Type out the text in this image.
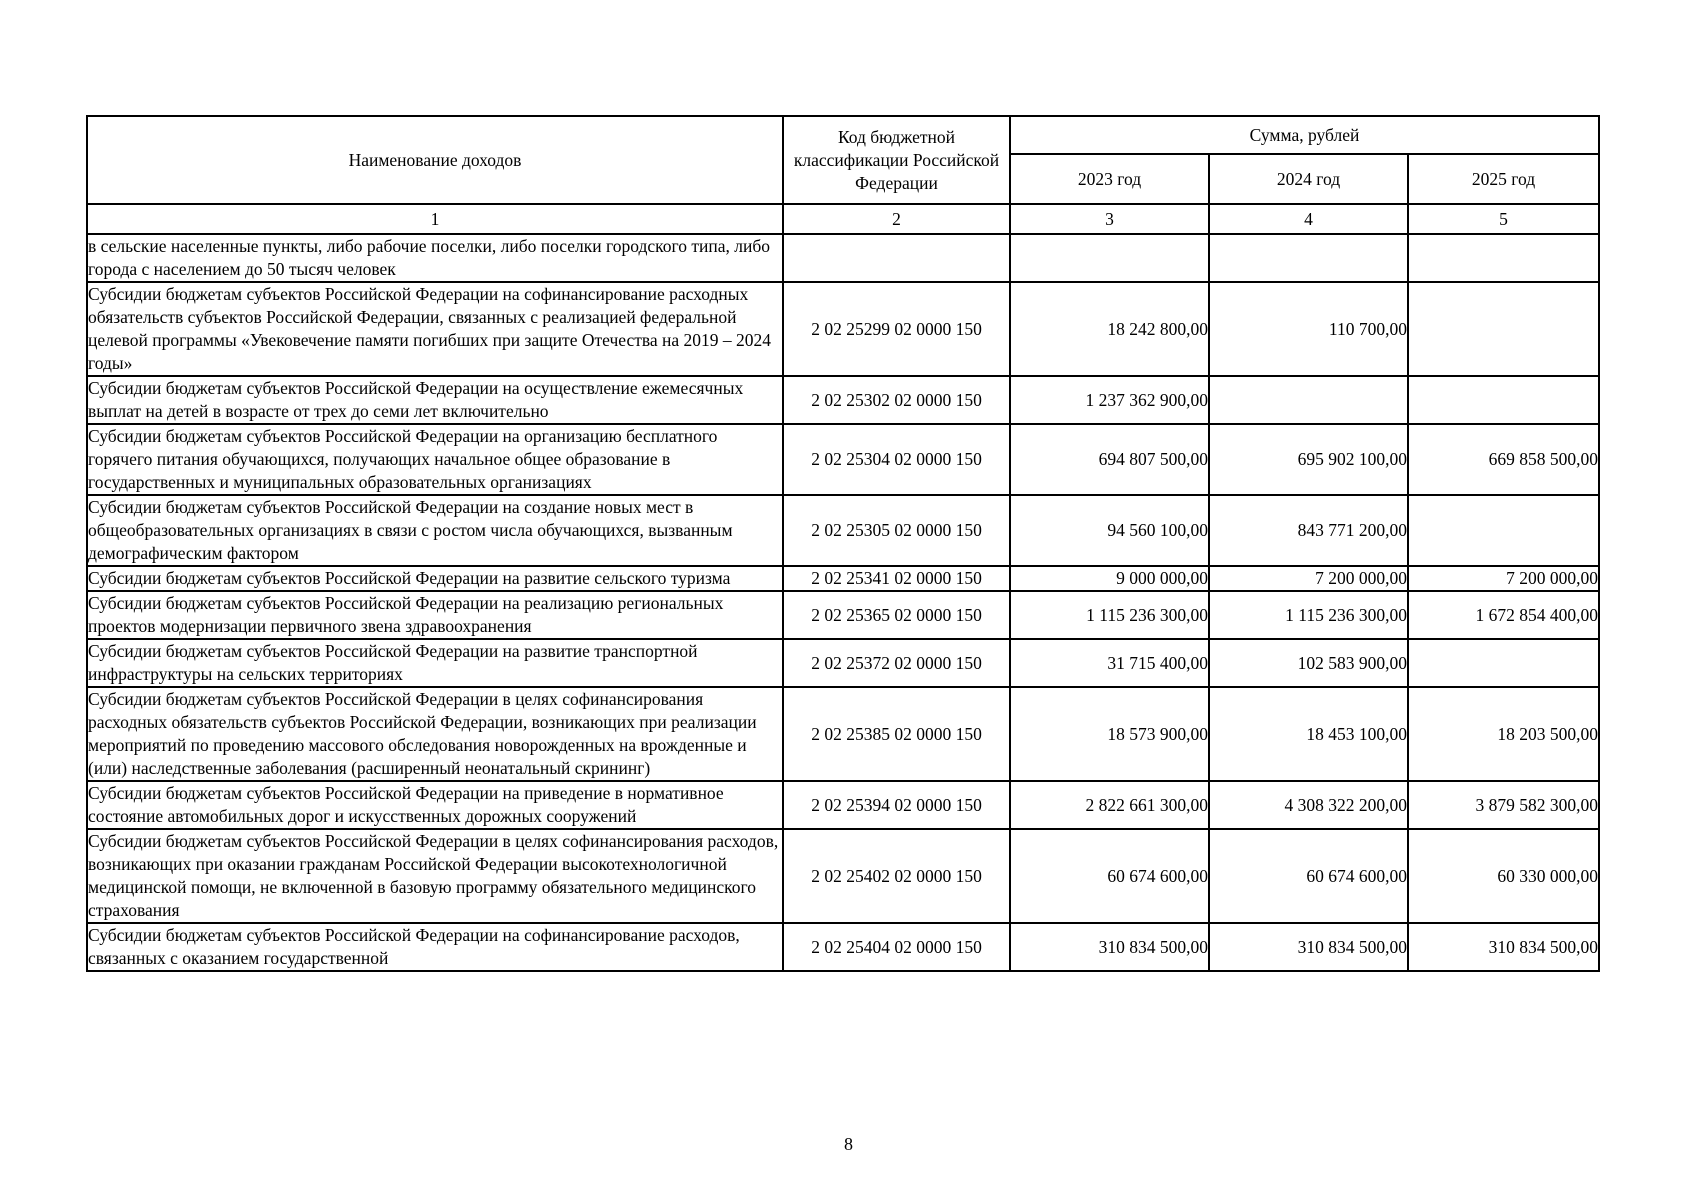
Наименование доходов	Код бюджетной классификации Российской Федерации	Сумма, рублей		
		2023 год	2024 год	2025 год
1	2	3	4	5
в сельские населенные пункты, либо рабочие поселки, либо поселки городского типа, либо города с населением до 50 тысяч человек				
Субсидии бюджетам субъектов Российской Федерации на софинансирование расходных обязательств субъектов Российской Федерации, связанных с реализацией федеральной целевой программы «Увековечение памяти погибших при защите Отечества на 2019 – 2024 годы»	2 02 25299 02 0000 150	18 242 800,00	110 700,00	
Субсидии бюджетам субъектов Российской Федерации на осуществление ежемесячных выплат на детей в возрасте от трех до семи лет включительно	2 02 25302 02 0000 150	1 237 362 900,00		
Субсидии бюджетам субъектов Российской Федерации на организацию бесплатного горячего питания обучающихся, получающих начальное общее образование в государственных и муниципальных образовательных организациях	2 02 25304 02 0000 150	694 807 500,00	695 902 100,00	669 858 500,00
Субсидии бюджетам субъектов Российской Федерации на создание новых мест в общеобразовательных организациях в связи с ростом числа обучающихся, вызванным демографическим фактором	2 02 25305 02 0000 150	94 560 100,00	843 771 200,00	
Субсидии бюджетам субъектов Российской Федерации на развитие сельского туризма	2 02 25341 02 0000 150	9 000 000,00	7 200 000,00	7 200 000,00
Субсидии бюджетам субъектов Российской Федерации на реализацию региональных проектов модернизации первичного звена здравоохранения	2 02 25365 02 0000 150	1 115 236 300,00	1 115 236 300,00	1 672 854 400,00
Субсидии бюджетам субъектов Российской Федерации на развитие транспортной инфраструктуры на сельских территориях	2 02 25372 02 0000 150	31 715 400,00	102 583 900,00	
Субсидии бюджетам субъектов Российской Федерации в целях софинансирования расходных обязательств субъектов Российской Федерации, возникающих при реализации мероприятий по проведению массового обследования новорожденных на врожденные и (или) наследственные заболевания (расширенный неонатальный скрининг)	2 02 25385 02 0000 150	18 573 900,00	18 453 100,00	18 203 500,00
Субсидии бюджетам субъектов Российской Федерации на приведение в нормативное состояние автомобильных дорог и искусственных дорожных сооружений	2 02 25394 02 0000 150	2 822 661 300,00	4 308 322 200,00	3 879 582 300,00
Субсидии бюджетам субъектов Российской Федерации в целях софинансирования расходов, возникающих при оказании гражданам Российской Федерации высокотехнологичной медицинской помощи, не включенной в базовую программу обязательного медицинского страхования	2 02 25402 02 0000 150	60 674 600,00	60 674 600,00	60 330 000,00
Субсидии бюджетам субъектов Российской Федерации на софинансирование расходов, связанных с оказанием государственной	2 02 25404 02 0000 150	310 834 500,00	310 834 500,00	310 834 500,00
8
